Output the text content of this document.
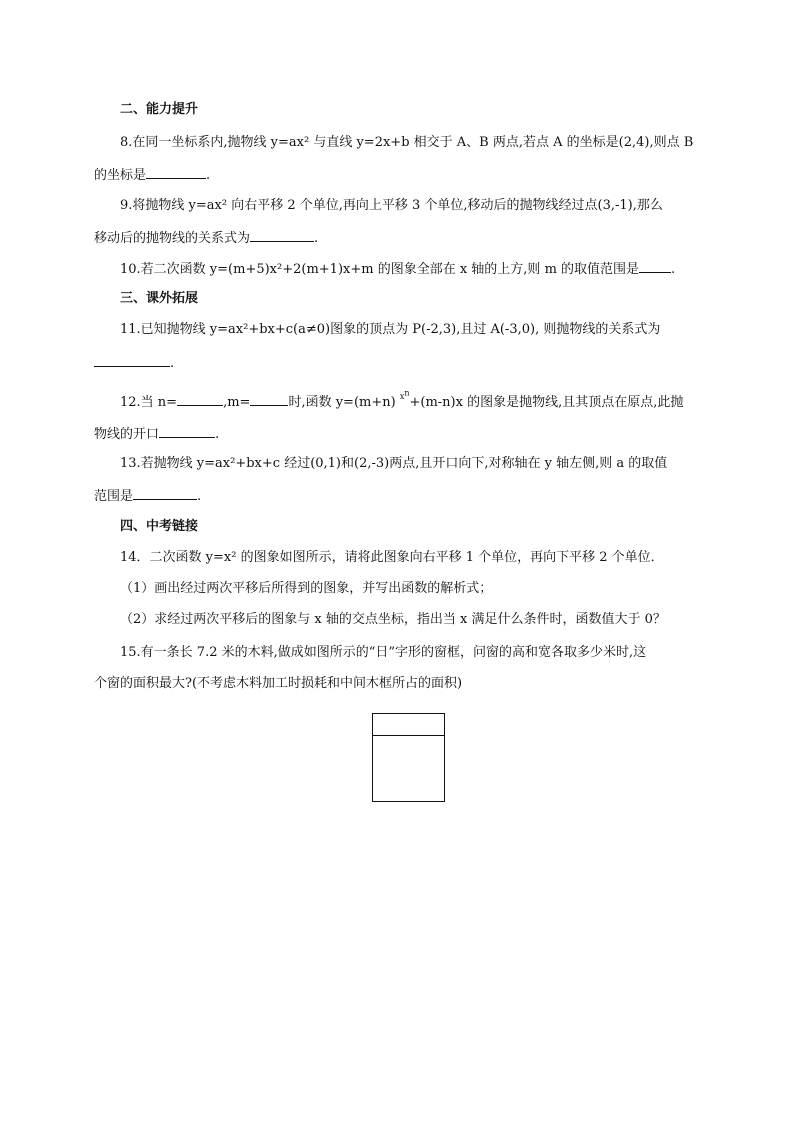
二、能力提升
8.在同一坐标系内,抛物线 y=ax² 与直线 y=2x+b 相交于 A、B 两点,若点 A 的坐标是(2,4),则点 B
的坐标是	.
9.将抛物线 y=ax² 向右平移 2 个单位,再向上平移 3 个单位,移动后的抛物线经过点(3,-1),那么
移动后的抛物线的关系式为	.
10.若二次函数 y=(m+5)x²+2(m+1)x+m 的图象全部在 x 轴的上方,则 m 的取值范围是 .
三、课外拓展
11.已知抛物线 y=ax²+bx+c(a≠0)图象的顶点为 P(-2,3),且过 A(-3,0), 则抛物线的关系式为
.
12.当 n=	,m=	时,函数 y=(m+n) $^{x^n}$+(m-n)x 的图象是抛物线,且其顶点在原点,此抛
物线的开口	.
13.若抛物线 y=ax²+bx+c 经过(0,1)和(2,-3)两点,且开口向下,对称轴在 y 轴左侧,则 a 的取值
范围是	.
四、中考链接
14．二次函数 y=x² 的图象如图所示，请将此图象向右平移 1 个单位，再向下平移 2 个单位．
（1）画出经过两次平移后所得到的图象，并写出函数的解析式；
（2）求经过两次平移后的图象与 x 轴的交点坐标，指出当 x 满足什么条件时，函数值大于 0？
15.有一条长 7.2 米的木料,做成如图所示的“日”字形的窗框，问窗的高和宽各取多少米时,这
个窗的面积最大?(不考虑木料加工时损耗和中间木框所占的面积)
